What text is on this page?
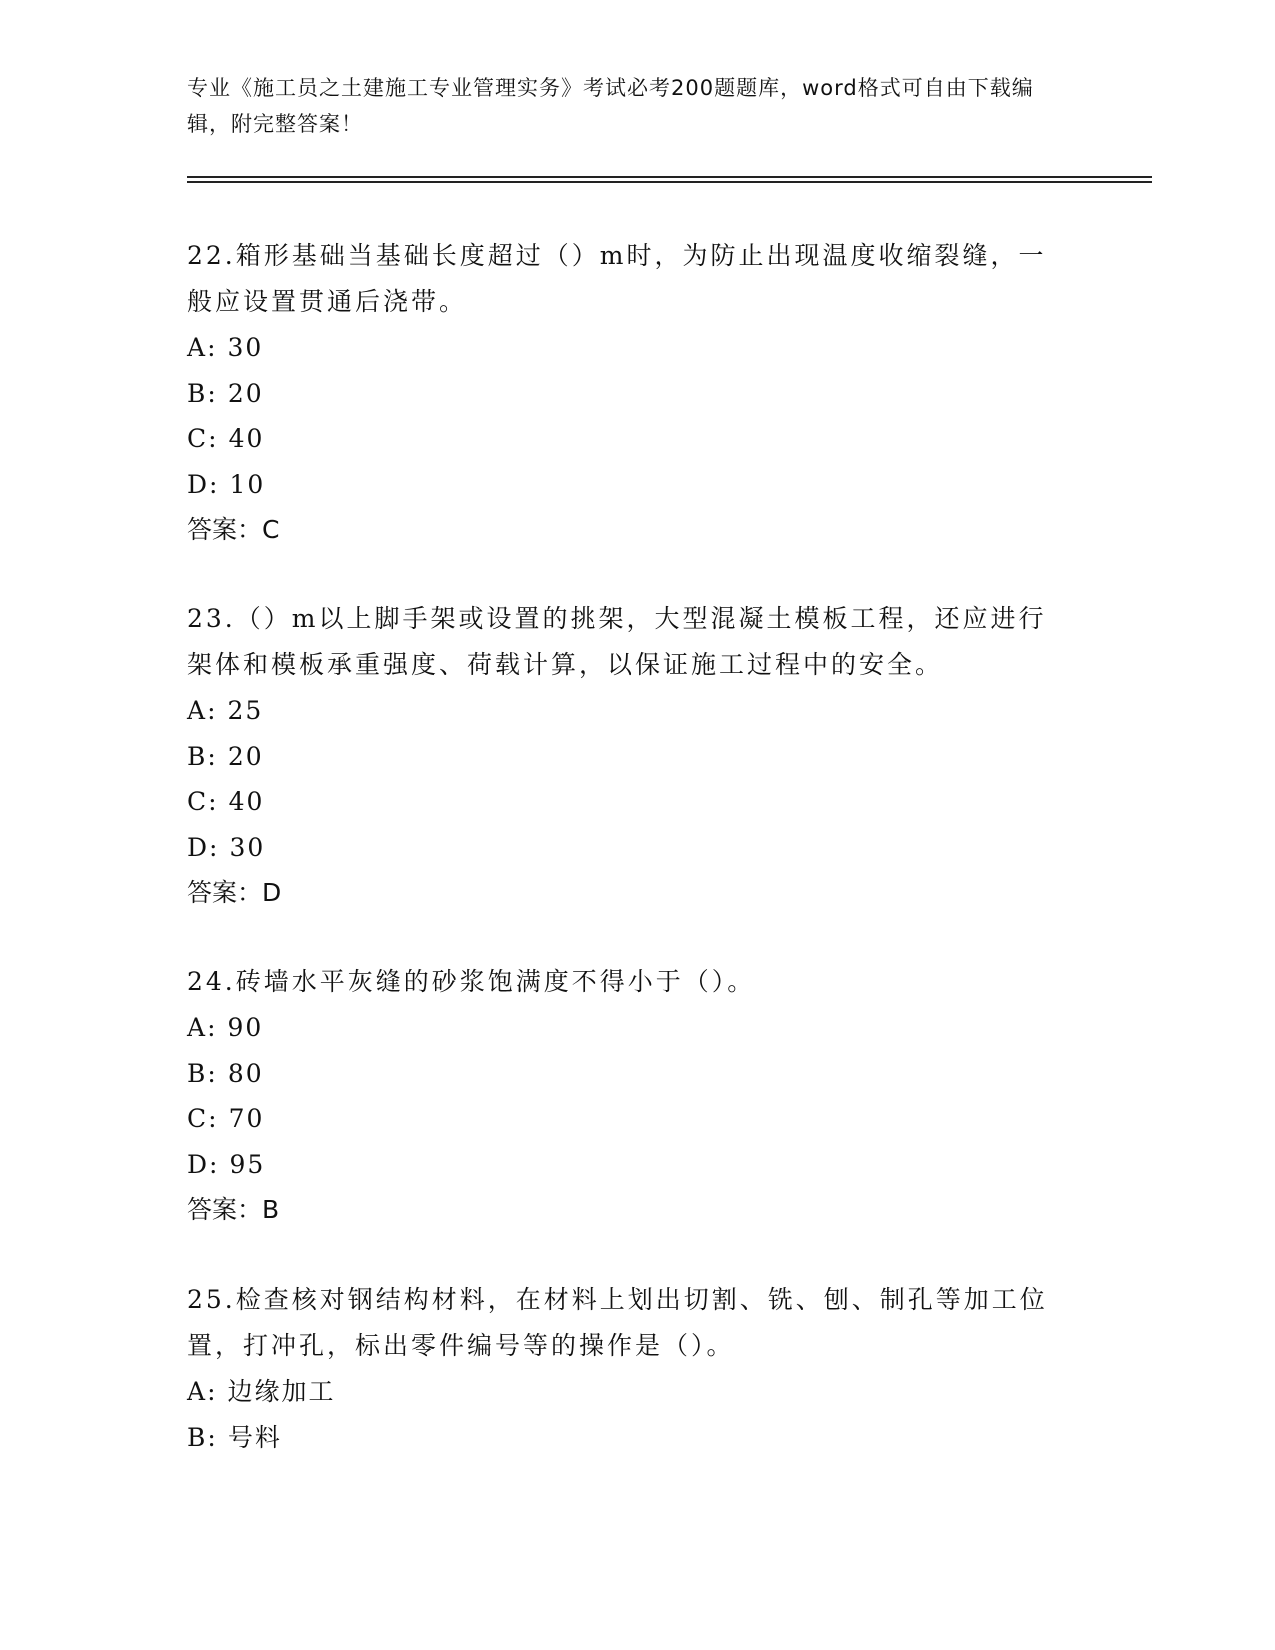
专业《施工员之土建施工专业管理实务》考试必考200题题库，word格式可自由下载编辑，附完整答案！

22.箱形基础当基础长度超过（）m时，为防止出现温度收缩裂缝，一般应设置贯通后浇带。

A: 30
B: 20
C: 40
D: 10
答案：C

23.（）m以上脚手架或设置的挑架，大型混凝土模板工程，还应进行架体和模板承重强度、荷载计算，以保证施工过程中的安全。

A: 25
B: 20
C: 40
D: 30
答案：D

24.砖墙水平灰缝的砂浆饱满度不得小于（）。

A: 90
B: 80
C: 70
D: 95
答案：B

25.检查核对钢结构材料，在材料上划出切割、铣、刨、制孔等加工位置，打冲孔，标出零件编号等的操作是（）。

A: 边缘加工
B: 号料
